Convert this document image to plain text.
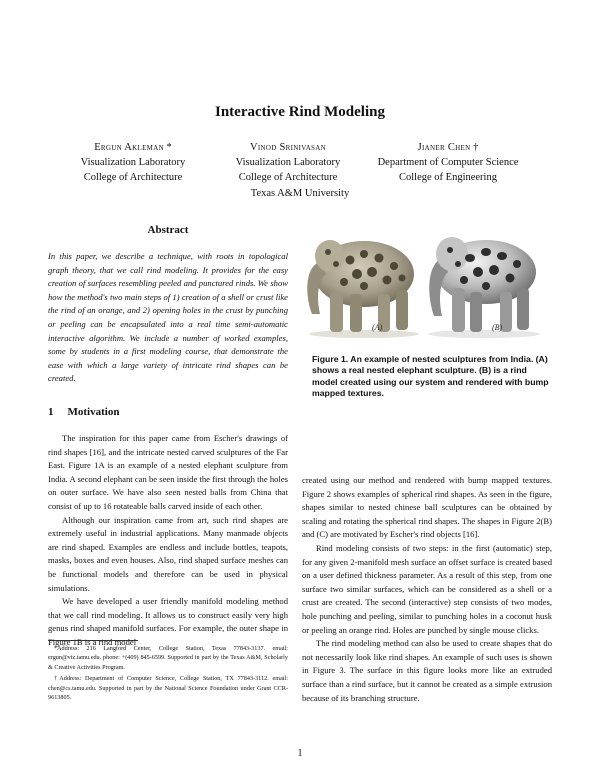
Interactive Rind Modeling
Ergun Akleman *
Visualization Laboratory
College of Architecture
Vinod Srinivasan
Visualization Laboratory
College of Architecture
Jianer Chen †
Department of Computer Science
College of Engineering
Texas A&M University
Abstract
In this paper, we describe a technique, with roots in topological graph theory, that we call rind modeling. It provides for the easy creation of surfaces resembling peeled and punctured rinds. We show how the method's two main steps of 1) creation of a shell or crust like the rind of an orange, and 2) opening holes in the crust by punching or peeling can be encapsulated into a real time semi-automatic interactive algorithm. We include a number of worked examples, some by students in a first modeling course, that demonstrate the ease with which a large variety of intricate rind shapes can be created.
1 Motivation

The inspiration for this paper came from Escher's drawings of rind shapes [16], and the intricate nested carved sculptures of the Far East. Figure 1A is an example of a nested elephant sculpture from India. A second elephant can be seen inside the first through the holes on outer surface. We have also seen nested balls from China that consist of up to 16 rotateable balls carved inside of each other.

Although our inspiration came from art, such rind shapes are extremely useful in industrial applications. Many manmade objects are rind shaped. Examples are endless and include bottles, teapots, masks, boxes and even houses. Also, rind shaped surface meshes can be functional models and therefore can be used in physical simulations.

We have developed a user friendly manifold modeling method that we call rind modeling. It allows us to construct easily very high genus rind shaped manifold surfaces. For example, the outer shape in Figure 1B is a rind model

*Address: 216 Langford Center, College Station, Texas 77843-3137. email: ergun@viz.tamu.edu. phone: +(409) 845-6599. Supported in part by the Texas A&M, Scholarly & Creative Activities Program.

†Address: Department of Computer Science, College Station, TX 77843-3112. email: chen@cs.tamu.edu. Supported in part by the National Science Foundation under Grant CCR-9613805.

(A)	(B)
Figure 1. An example of nested sculptures from India. (A) shows a real nested elephant sculpture. (B) is a rind model created using our system and rendered with bump mapped textures.

created using our method and rendered with bump mapped textures. Figure 2 shows examples of spherical rind shapes. As seen in the figure, shapes similar to nested chinese ball sculptures can be obtained by scaling and rotating the spherical rind shapes. The shapes in Figure 2(B) and (C) are motivated by Escher's rind objects [16].

Rind modeling consists of two steps: in the first (automatic) step, for any given 2-manifold mesh surface an offset surface is created based on a user defined thickness parameter. As a result of this step, from one surface two similar surfaces, which can be considered as a shell or a crust are created. The second (interactive) step consists of two modes, hole punching and peeling, similar to punching holes in a coconut husk or peeling an orange rind. Holes are punched by single mouse clicks.

The rind modeling method can also be used to create shapes that do not necessarily look like rind shapes. An example of such uses is shown in Figure 3. The surface in this figure looks more like an extruded surface than a rind surface, but it cannot be created as a simple extrusion because of its branching structure.

1
